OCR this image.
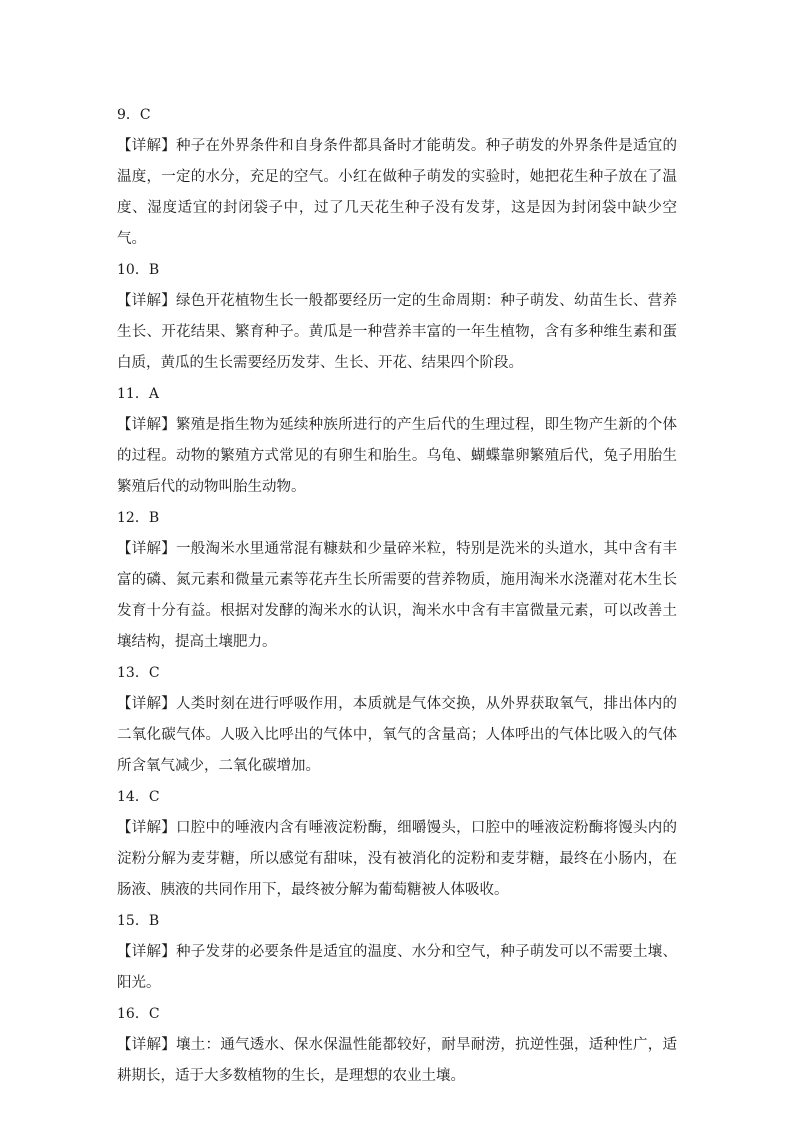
9．C

【详解】种子在外界条件和自身条件都具备时才能萌发。种子萌发的外界条件是适宜的温度，一定的水分，充足的空气。小红在做种子萌发的实验时，她把花生种子放在了温度、湿度适宜的封闭袋子中，过了几天花生种子没有发芽，这是因为封闭袋中缺少空气。

10．B

【详解】绿色开花植物生长一般都要经历一定的生命周期：种子萌发、幼苗生长、营养生长、开花结果、繁育种子。黄瓜是一种营养丰富的一年生植物，含有多种维生素和蛋白质，黄瓜的生长需要经历发芽、生长、开花、结果四个阶段。

11．A

【详解】繁殖是指生物为延续种族所进行的产生后代的生理过程，即生物产生新的个体的过程。动物的繁殖方式常见的有卵生和胎生。乌龟、蝴蝶靠卵繁殖后代，兔子用胎生繁殖后代的动物叫胎生动物。

12．B

【详解】一般淘米水里通常混有糠麸和少量碎米粒，特别是洗米的头道水，其中含有丰富的磷、氮元素和微量元素等花卉生长所需要的营养物质，施用淘米水浇灌对花木生长发育十分有益。根据对发酵的淘米水的认识，淘米水中含有丰富微量元素，可以改善土壤结构，提高土壤肥力。

13．C

【详解】人类时刻在进行呼吸作用，本质就是气体交换，从外界获取氧气，排出体内的二氧化碳气体。人吸入比呼出的气体中，氧气的含量高；人体呼出的气体比吸入的气体所含氧气减少，二氧化碳增加。

14．C

【详解】口腔中的唾液内含有唾液淀粉酶，细嚼馒头，口腔中的唾液淀粉酶将馒头内的淀粉分解为麦芽糖，所以感觉有甜味，没有被消化的淀粉和麦芽糖，最终在小肠内，在肠液、胰液的共同作用下，最终被分解为葡萄糖被人体吸收。

15．B

【详解】种子发芽的必要条件是适宜的温度、水分和空气，种子萌发可以不需要土壤、阳光。

16．C

【详解】壤土：通气透水、保水保温性能都较好，耐旱耐涝，抗逆性强，适种性广，适耕期长，适于大多数植物的生长，是理想的农业土壤。
